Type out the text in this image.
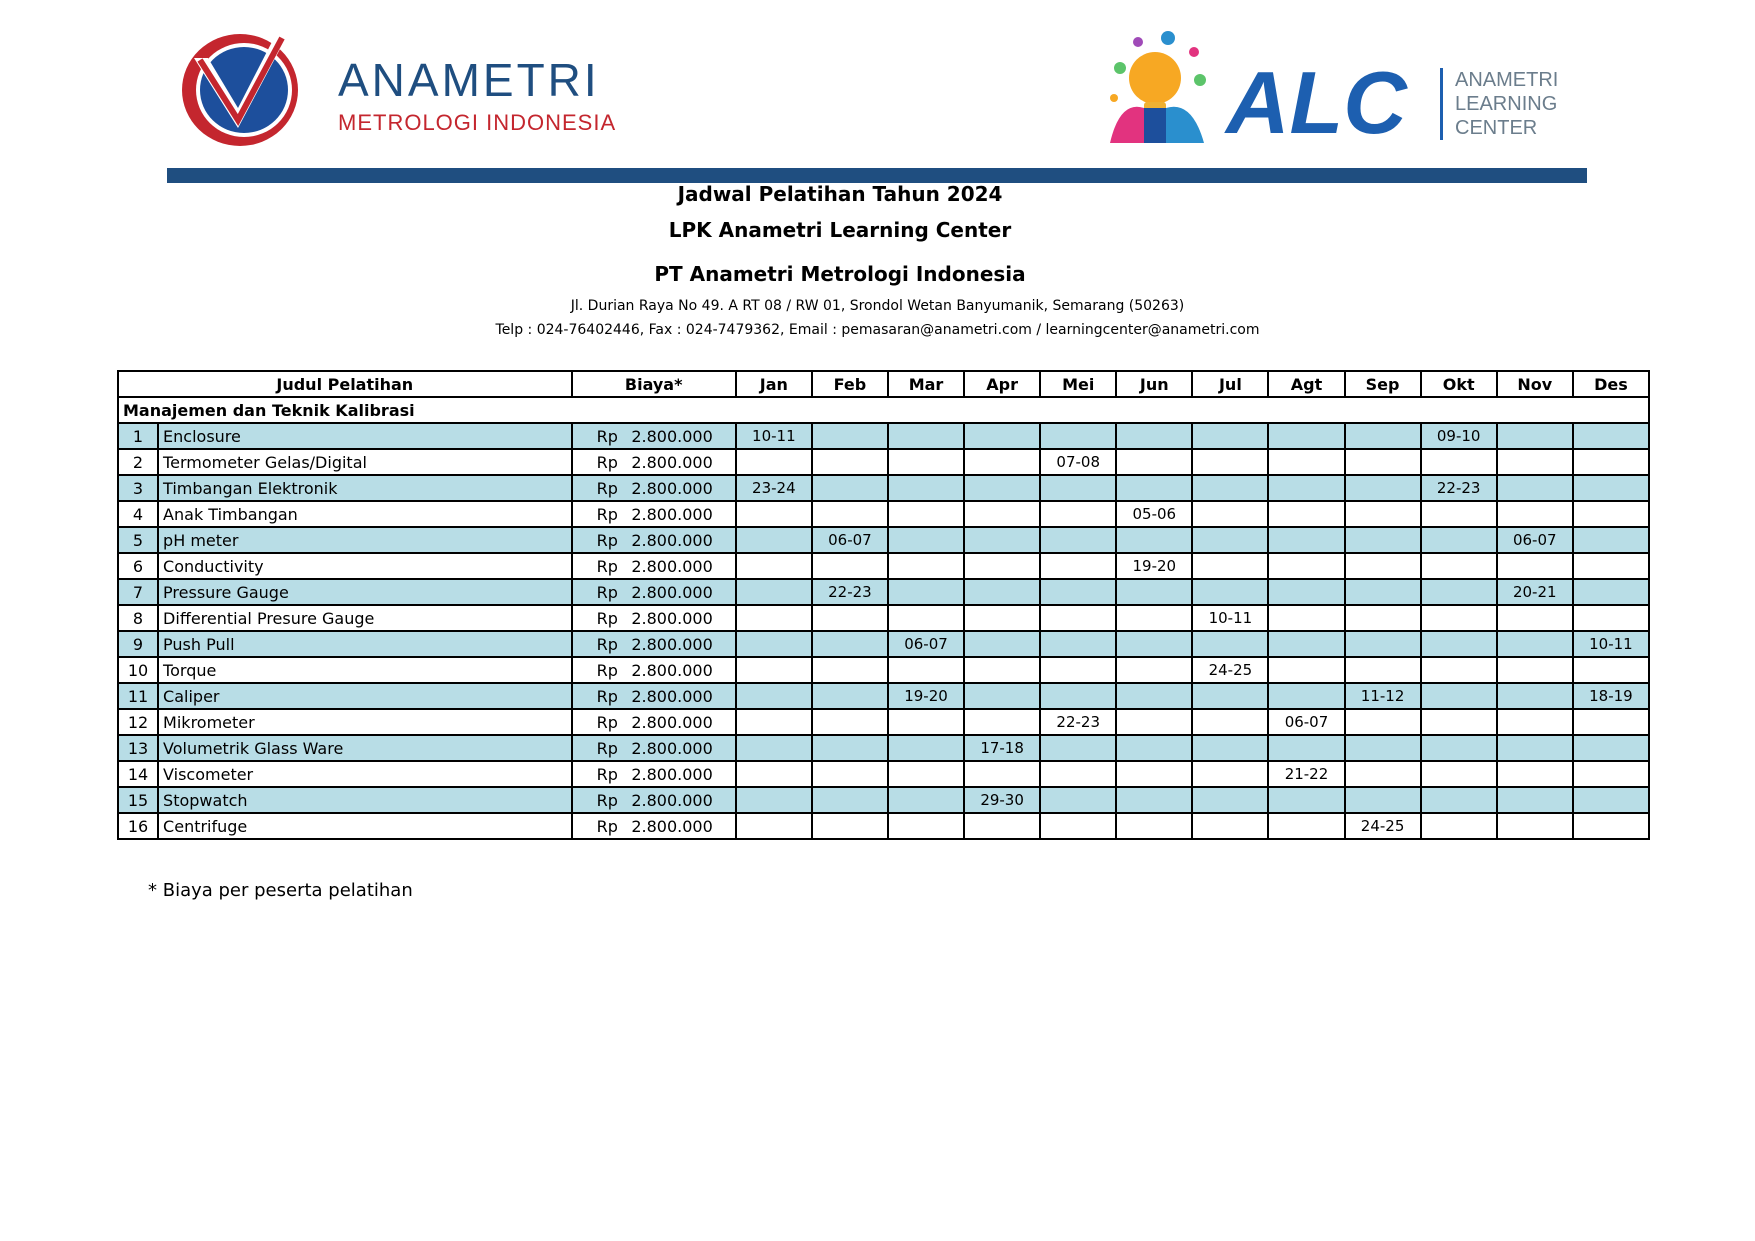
ANAMETRI
METROLOGI INDONESIA	ALC ANAMETRI
LEARNING
CENTER
Jadwal Pelatihan Tahun 2024
LPK Anametri Learning Center
PT Anametri Metrologi Indonesia
Jl. Durian Raya No 49. A RT 08 / RW 01, Srondol Wetan Banyumanik, Semarang (50263)
Telp : 024-76402446, Fax : 024-7479362, Email : pemasaran@anametri.com / learningcenter@anametri.com
Judul Pelatihan		Biaya*	Jan	Feb	Mar	Apr	Mei	Jun	Jul	Agt	Sep	Okt	Nov	Des
Manajemen dan Teknik Kalibrasi														
1	Enclosure	Rp 2.800.000	10-11									09-10		
2	Termometer Gelas/Digital	Rp 2.800.000					07-08							
3	Timbangan Elektronik	Rp 2.800.000	23-24									22-23		
4	Anak Timbangan	Rp 2.800.000						05-06						
5	pH meter	Rp 2.800.000		06-07									06-07	
6	Conductivity	Rp 2.800.000						19-20						
7	Pressure Gauge	Rp 2.800.000		22-23									20-21	
8	Differential Presure Gauge	Rp 2.800.000							10-11					
9	Push Pull	Rp 2.800.000			06-07									10-11
10	Torque	Rp 2.800.000							24-25					
11	Caliper	Rp 2.800.000			19-20						11-12			18-19
12	Mikrometer	Rp 2.800.000					22-23			06-07				
13	Volumetrik Glass Ware	Rp 2.800.000				17-18								
14	Viscometer	Rp 2.800.000								21-22				
15	Stopwatch	Rp 2.800.000				29-30								
16	Centrifuge	Rp 2.800.000									24-25			
* Biaya per peserta pelatihan
